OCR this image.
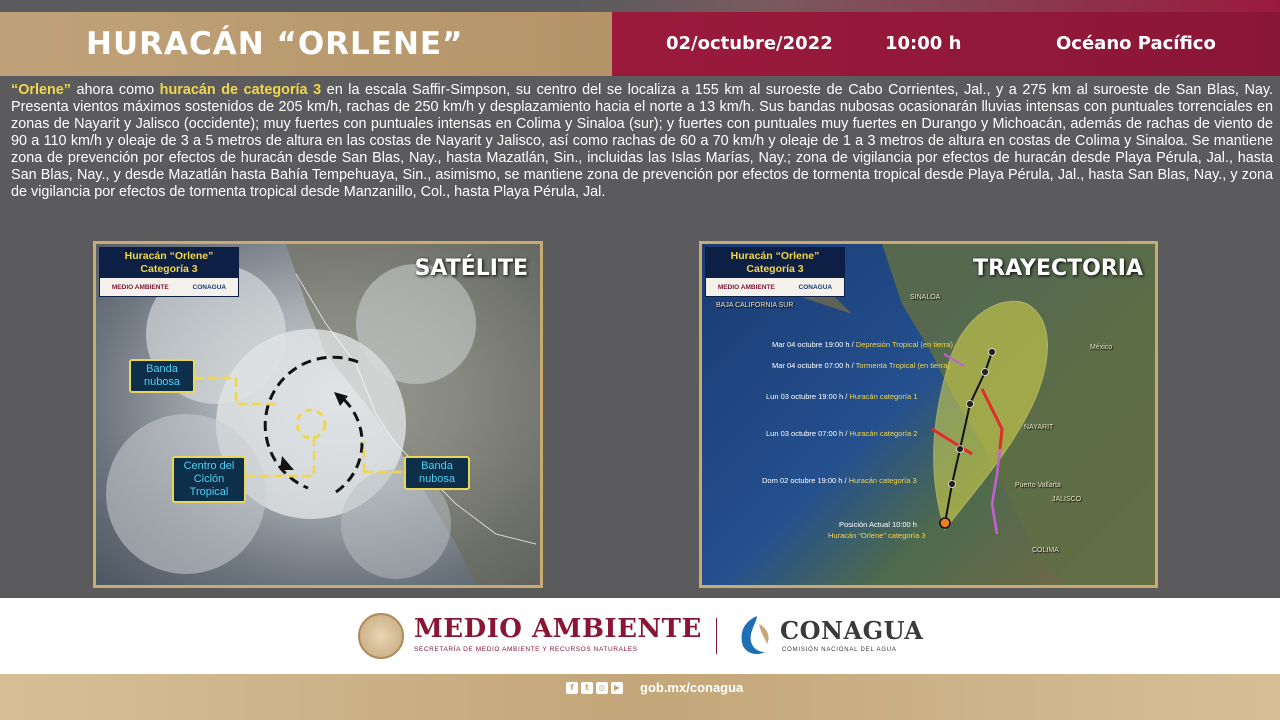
HURACÁN “ORLENE”	02/octubre/2022	10:00 h	Océano Pacífico

“Orlene” ahora como huracán de categoría 3 en la escala Saffir-Simpson, su centro del se localiza a 155 km al suroeste de Cabo Corrientes, Jal., y a 275 km al suroeste de San Blas, Nay. Presenta vientos máximos sostenidos de 205 km/h, rachas de 250 km/h y desplazamiento hacia el norte a 13 km/h. Sus bandas nubosas ocasionarán lluvias intensas con puntuales torrenciales en zonas de Nayarit y Jalisco (occidente); muy fuertes con puntuales intensas en Colima y Sinaloa (sur); y fuertes con puntuales muy fuertes en Durango y Michoacán, además de rachas de viento de 90 a 110 km/h y oleaje de 3 a 5 metros de altura en las costas de Nayarit y Jalisco, así como rachas de 60 a 70 km/h y oleaje de 1 a 3 metros de altura en costas de Colima y Sinaloa. Se mantiene zona de prevención por efectos de huracán desde San Blas, Nay., hasta Mazatlán, Sin., incluidas las Islas Marías, Nay.; zona de vigilancia por efectos de huracán desde Playa Pérula, Jal., hasta San Blas, Nay., y desde Mazatlán hasta Bahía Tempehuaya, Sin., asimismo, se mantiene zona de prevención por efectos de tormenta tropical desde Playa Pérula, Jal., hasta San Blas, Nay., y zona de vigilancia por efectos de tormenta tropical desde Manzanillo, Col., hasta Playa Pérula, Jal.

Huracán “Orlene”
Categoría 3
MEDIO AMBIENTE	CONAGUA
SATÉLITE
Banda nubosa
Centro del Ciclón Tropical
Banda nubosa
Huracán “Orlene”
Categoría 3
MEDIO AMBIENTE	CONAGUA
TRAYECTORIA
Mar 04 octubre 19:00 h / Depresión Tropical (en tierra)
Mar 04 octubre 07:00 h / Tormenta Tropical (en tierra)
Lun 03 octubre 19:00 h / Huracán categoría 1
Lun 03 octubre 07:00 h / Huracán categoría 2
Dom 02 octubre 19:00 h / Huracán categoría 3
Posición Actual 10:00 h
Huracán “Orlene” categoría 3
SINALOA
México
NAYARIT
JALISCO
COLIMA
Puerto Vallarta
BAJA CALIFORNIA SUR
MEDIO AMBIENTE
SECRETARÍA DE MEDIO AMBIENTE Y RECURSOS NATURALES
CONAGUA
COMISIÓN NACIONAL DEL AGUA
f	t	◎	▶ gob.mx/conagua
